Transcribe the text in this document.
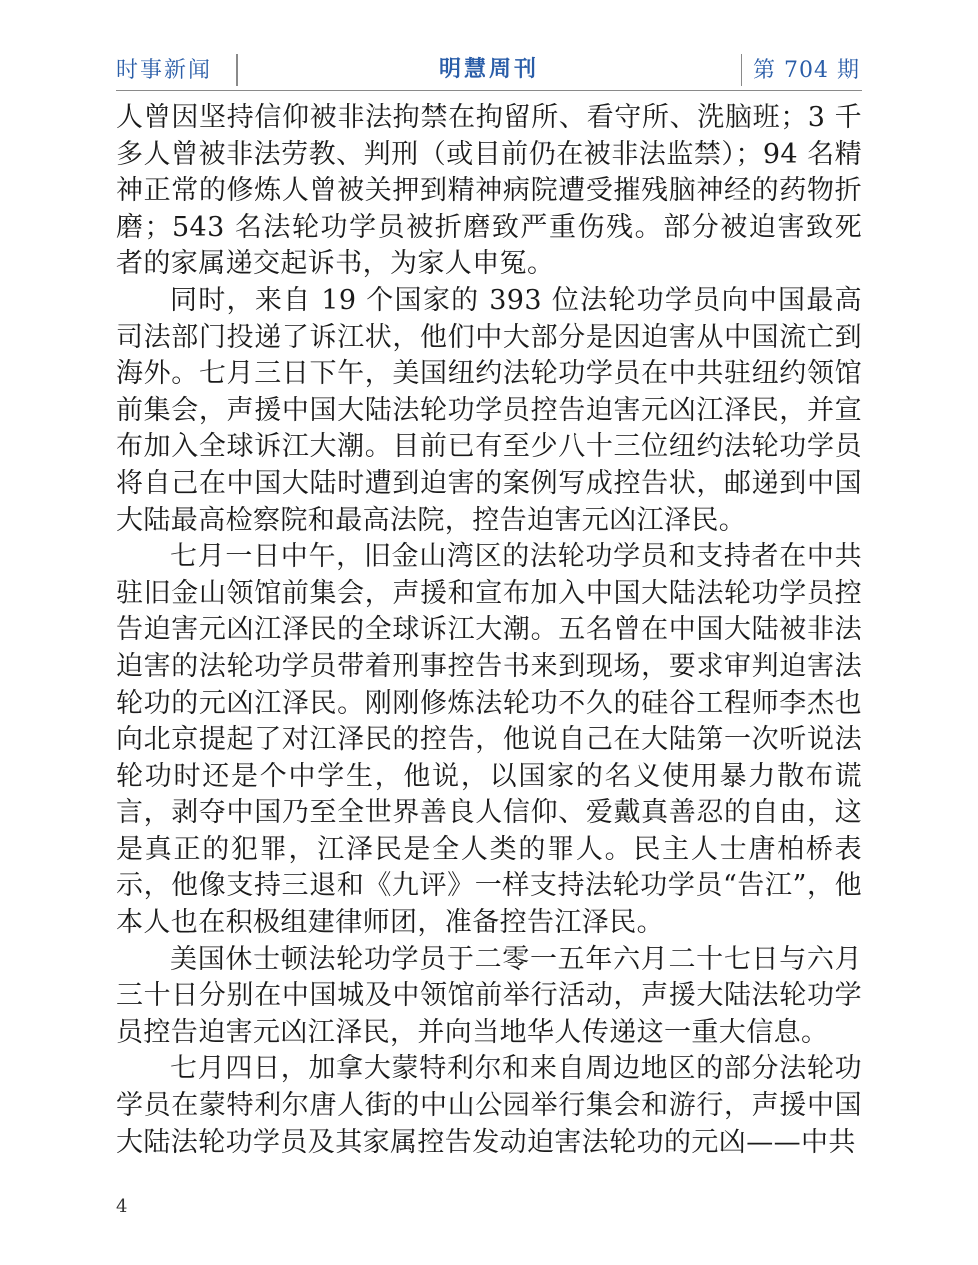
时事新闻	明慧周刊	第 704 期

人曾因坚持信仰被非法拘禁在拘留所、看守所、洗脑班；3 千多人曾被非法劳教、判刑（或目前仍在被非法监禁）；94 名精神正常的修炼人曾被关押到精神病院遭受摧残脑神经的药物折磨；543 名法轮功学员被折磨致严重伤残。部分被迫害致死者的家属递交起诉书，为家人申冤。

同时，来自 19 个国家的 393 位法轮功学员向中国最高司法部门投递了诉江状，他们中大部分是因迫害从中国流亡到海外。七月三日下午，美国纽约法轮功学员在中共驻纽约领馆前集会，声援中国大陆法轮功学员控告迫害元凶江泽民，并宣布加入全球诉江大潮。目前已有至少八十三位纽约法轮功学员将自己在中国大陆时遭到迫害的案例写成控告状，邮递到中国大陆最高检察院和最高法院，控告迫害元凶江泽民。

七月一日中午，旧金山湾区的法轮功学员和支持者在中共驻旧金山领馆前集会，声援和宣布加入中国大陆法轮功学员控告迫害元凶江泽民的全球诉江大潮。五名曾在中国大陆被非法迫害的法轮功学员带着刑事控告书来到现场，要求审判迫害法轮功的元凶江泽民。刚刚修炼法轮功不久的硅谷工程师李杰也向北京提起了对江泽民的控告，他说自己在大陆第一次听说法轮功时还是个中学生，他说，以国家的名义使用暴力散布谎言，剥夺中国乃至全世界善良人信仰、爱戴真善忍的自由，这是真正的犯罪，江泽民是全人类的罪人。民主人士唐柏桥表示，他像支持三退和《九评》一样支持法轮功学员“告江”，他本人也在积极组建律师团，准备控告江泽民。

美国休士顿法轮功学员于二零一五年六月二十七日与六月三十日分别在中国城及中领馆前举行活动，声援大陆法轮功学员控告迫害元凶江泽民，并向当地华人传递这一重大信息。

七月四日，加拿大蒙特利尔和来自周边地区的部分法轮功学员在蒙特利尔唐人街的中山公园举行集会和游行，声援中国大陆法轮功学员及其家属控告发动迫害法轮功的元凶——中共

4
